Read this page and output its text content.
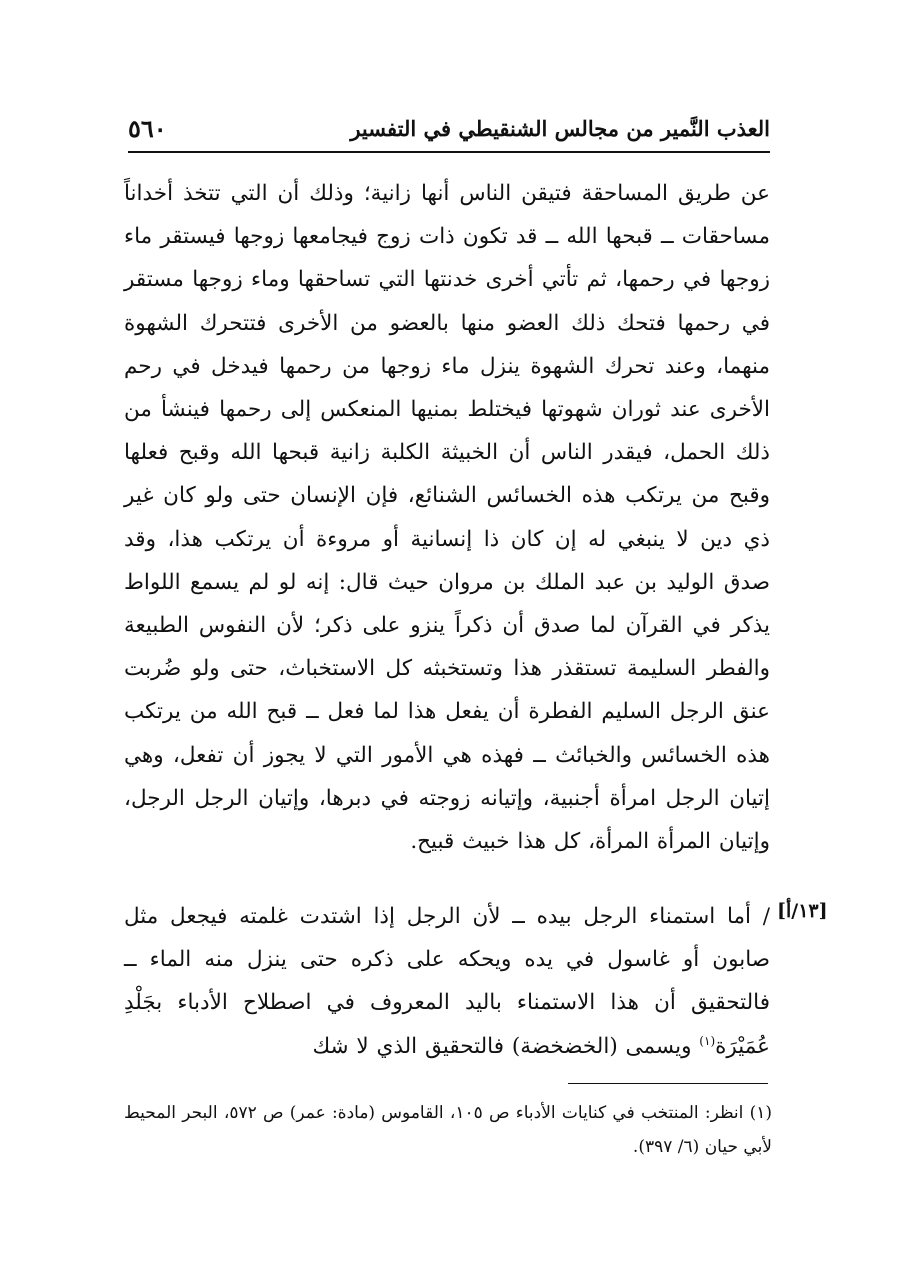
العذب النَّمير من مجالس الشنقيطي في التفسير
٥٦٠

عن طريق المساحقة فتيقن الناس أنها زانية؛ وذلك أن التي تتخذ أخداناً مساحقات ــ قبحها الله ــ قد تكون ذات زوج فيجامعها زوجها فيستقر ماء زوجها في رحمها، ثم تأتي أخرى خدنتها التي تساحقها وماء زوجها مستقر في رحمها فتحك ذلك العضو منها بالعضو من الأخرى فتتحرك الشهوة منهما، وعند تحرك الشهوة ينزل ماء زوجها من رحمها فيدخل في رحم الأخرى عند ثوران شهوتها فيختلط بمنيها المنعكس إلى رحمها فينشأ من ذلك الحمل، فيقدر الناس أن الخبيثة الكلبة زانية قبحها الله وقبح فعلها وقبح من يرتكب هذه الخسائس الشنائع، فإن الإنسان حتى ولو كان غير ذي دين لا ينبغي له إن كان ذا إنسانية أو مروءة أن يرتكب هذا، وقد صدق الوليد بن عبد الملك بن مروان حيث قال: إنه لو لم يسمع اللواط يذكر في القرآن لما صدق أن ذكراً ينزو على ذكر؛ لأن النفوس الطبيعة والفطر السليمة تستقذر هذا وتستخبثه كل الاستخباث، حتى ولو ضُربت عنق الرجل السليم الفطرة أن يفعل هذا لما فعل ــ قبح الله من يرتكب هذه الخسائس والخبائث ــ فهذه هي الأمور التي لا يجوز أن تفعل، وهي إتيان الرجل امرأة أجنبية، وإتيانه زوجته في دبرها، وإتيان الرجل الرجل، وإتيان المرأة المرأة، كل هذا خبيث قبيح.

[١٣/أ]

/ أما استمناء الرجل بيده ــ لأن الرجل إذا اشتدت غلمته فيجعل مثل صابون أو غاسول في يده ويحكه على ذكره حتى ينزل منه الماء ــ فالتحقيق أن هذا الاستمناء باليد المعروف في اصطلاح الأدباء بجَلْدِ عُمَيْرَة$^{(١)}$ ويسمى (الخضخضة) فالتحقيق الذي لا شك

(١) انظر: المنتخب في كنايات الأدباء ص ١٠٥، القاموس (مادة: عمر) ص ٥٧٢، البحر المحيط لأبي حيان (٦/ ٣٩٧).
